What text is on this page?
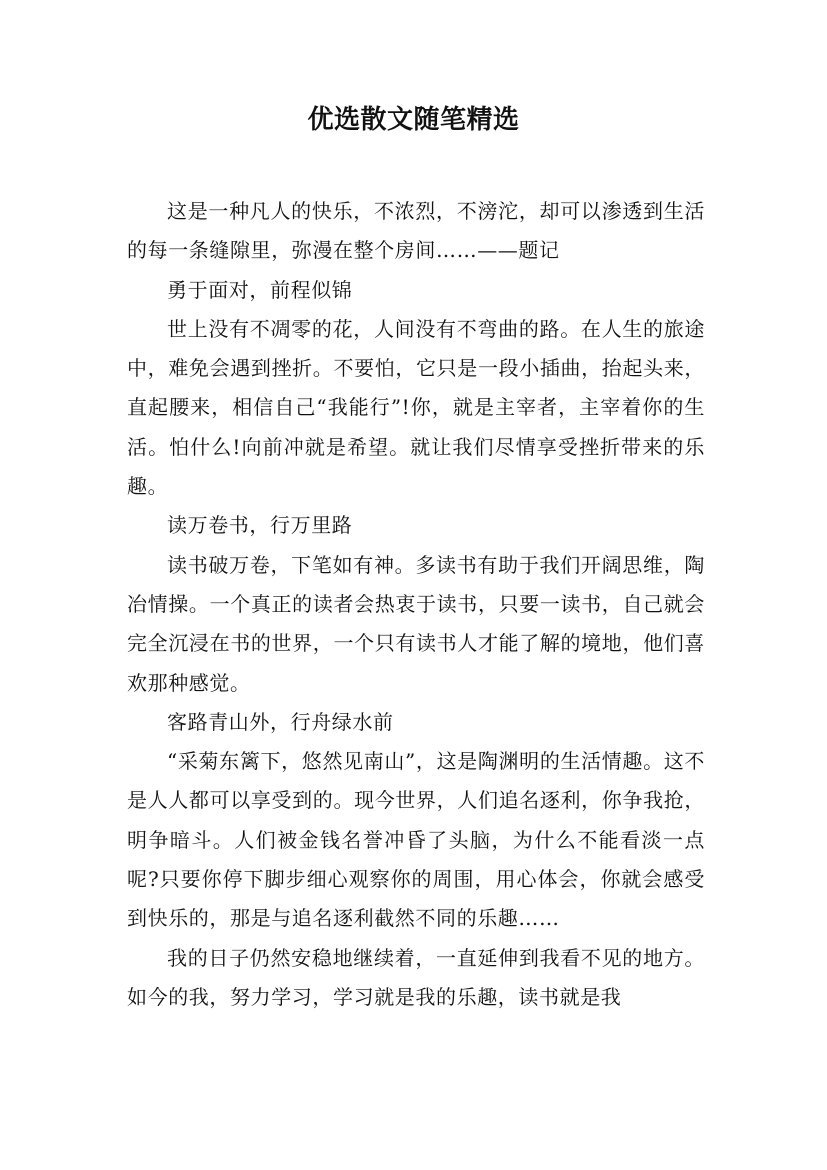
优选散文随笔精选

这是一种凡人的快乐，不浓烈，不滂沱，却可以渗透到生活的每一条缝隙里，弥漫在整个房间……——题记

勇于面对，前程似锦

世上没有不凋零的花，人间没有不弯曲的路。在人生的旅途中，难免会遇到挫折。不要怕，它只是一段小插曲，抬起头来，直起腰来，相信自己“我能行”!你，就是主宰者，主宰着你的生活。怕什么!向前冲就是希望。就让我们尽情享受挫折带来的乐趣。

读万卷书，行万里路

读书破万卷，下笔如有神。多读书有助于我们开阔思维，陶冶情操。一个真正的读者会热衷于读书，只要一读书，自己就会完全沉浸在书的世界，一个只有读书人才能了解的境地，他们喜欢那种感觉。

客路青山外，行舟绿水前

“采菊东篱下，悠然见南山”，这是陶渊明的生活情趣。这不是人人都可以享受到的。现今世界，人们追名逐利，你争我抢，明争暗斗。人们被金钱名誉冲昏了头脑，为什么不能看淡一点呢?只要你停下脚步细心观察你的周围，用心体会，你就会感受到快乐的，那是与追名逐利截然不同的乐趣……

我的日子仍然安稳地继续着，一直延伸到我看不见的地方。如今的我，努力学习，学习就是我的乐趣，读书就是我
